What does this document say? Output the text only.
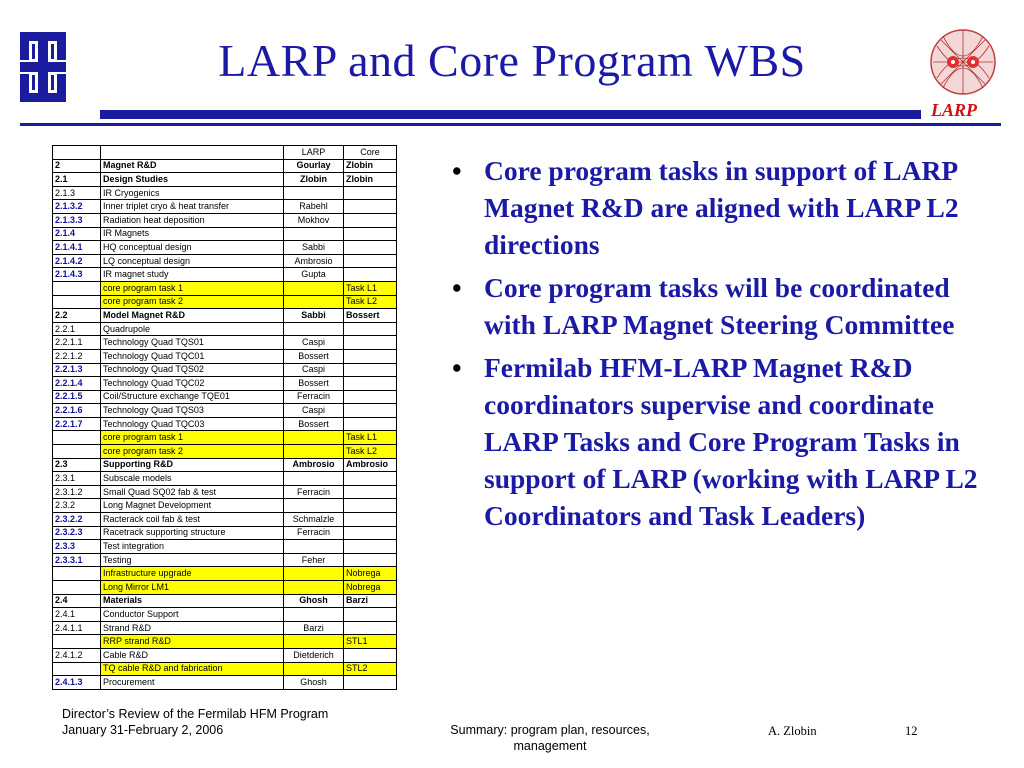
LARP and Core Program WBS
LARP
		LARP	Core
2	Magnet R&D	Gourlay	Zlobin
2.1	Design Studies	Zlobin	Zlobin
2.1.3	IR Cryogenics		
2.1.3.2	Inner triplet cryo & heat transfer	Rabehl	
2.1.3.3	Radiation heat deposition	Mokhov	
2.1.4	IR Magnets		
2.1.4.1	HQ conceptual design	Sabbi	
2.1.4.2	LQ conceptual design	Ambrosio	
2.1.4.3	IR magnet study	Gupta	
	core program task 1		Task L1
	core program task 2		Task L2
2.2	Model Magnet R&D	Sabbi	Bossert
2.2.1	Quadrupole		
2.2.1.1	Technology Quad TQS01	Caspi	
2.2.1.2	Technology Quad TQC01	Bossert	
2.2.1.3	Technology Quad TQS02	Caspi	
2.2.1.4	Technology Quad TQC02	Bossert	
2.2.1.5	Coil/Structure exchange TQE01	Ferracin	
2.2.1.6	Technology Quad TQS03	Caspi	
2.2.1.7	Technology Quad TQC03	Bossert	
	core program task 1		Task L1
	core program task 2		Task L2
2.3	Supporting R&D	Ambrosio	Ambrosio
2.3.1	Subscale models		
2.3.1.2	Small Quad SQ02 fab & test	Ferracin	
2.3.2	Long Magnet Development		
2.3.2.2	Racterack coil fab & test	Schmalzle	
2.3.2.3	Racetrack supporting structure	Ferracin	
2.3.3	Test integration		
2.3.3.1	Testing	Feher	
	Infrastructure upgrade		Nobrega
	Long Mirror LM1		Nobrega
2.4	Materials	Ghosh	Barzi
2.4.1	Conductor Support		
2.4.1.1	Strand R&D	Barzi	
	RRP strand R&D		STL1
2.4.1.2	Cable R&D	Dietderich	
	TQ cable R&D and fabrication		STL2
2.4.1.3	Procurement	Ghosh	
• Core program tasks in support of LARP Magnet R&D are aligned with LARP L2 directions
• Core program tasks will be coordinated with LARP Magnet Steering Committee
• Fermilab HFM-LARP Magnet R&D coordinators supervise and coordinate LARP Tasks and Core Program Tasks in support of LARP (working with LARP L2 Coordinators and Task Leaders)
Director’s Review of the Fermilab HFM Program
January 31-February 2, 2006	Summary: program plan, resources, management
A. Zlobin	12
